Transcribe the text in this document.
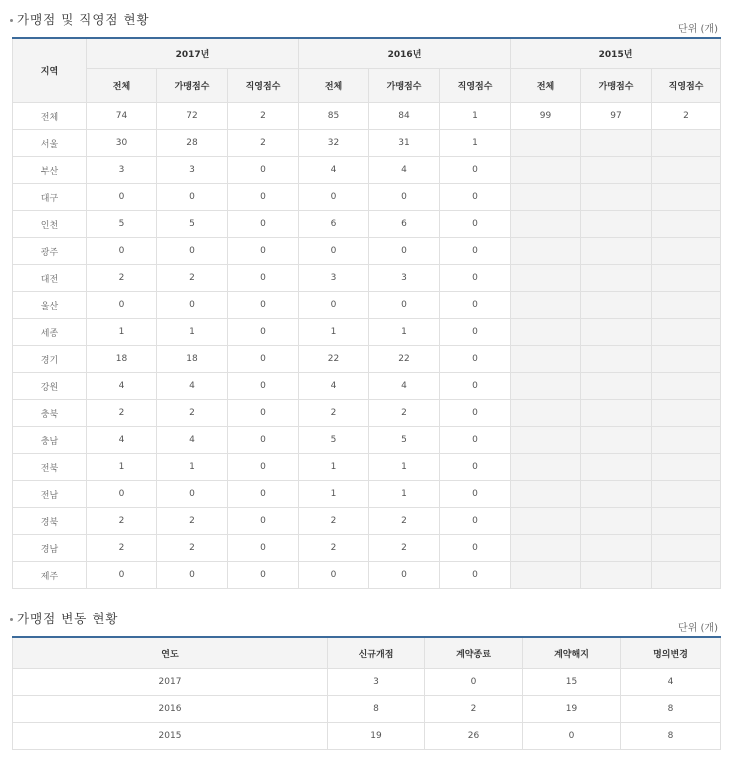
가맹점 및 직영점 현황
단위 (개)
지역	2017년			2016년			2015년		
	전체	가맹점수	직영점수	전체	가맹점수	직영점수	전체	가맹점수	직영점수
전체	74	72	2	85	84	1	99	97	2
서울	30	28	2	32	31	1			
부산	3	3	0	4	4	0			
대구	0	0	0	0	0	0			
인천	5	5	0	6	6	0			
광주	0	0	0	0	0	0			
대전	2	2	0	3	3	0			
울산	0	0	0	0	0	0			
세종	1	1	0	1	1	0			
경기	18	18	0	22	22	0			
강원	4	4	0	4	4	0			
충북	2	2	0	2	2	0			
충남	4	4	0	5	5	0			
전북	1	1	0	1	1	0			
전남	0	0	0	1	1	0			
경북	2	2	0	2	2	0			
경남	2	2	0	2	2	0			
제주	0	0	0	0	0	0			
가맹점 변동 현황
단위 (개)
연도	신규개점	계약종료	계약해지	명의변경
2017	3	0	15	4
2016	8	2	19	8
2015	19	26	0	8
